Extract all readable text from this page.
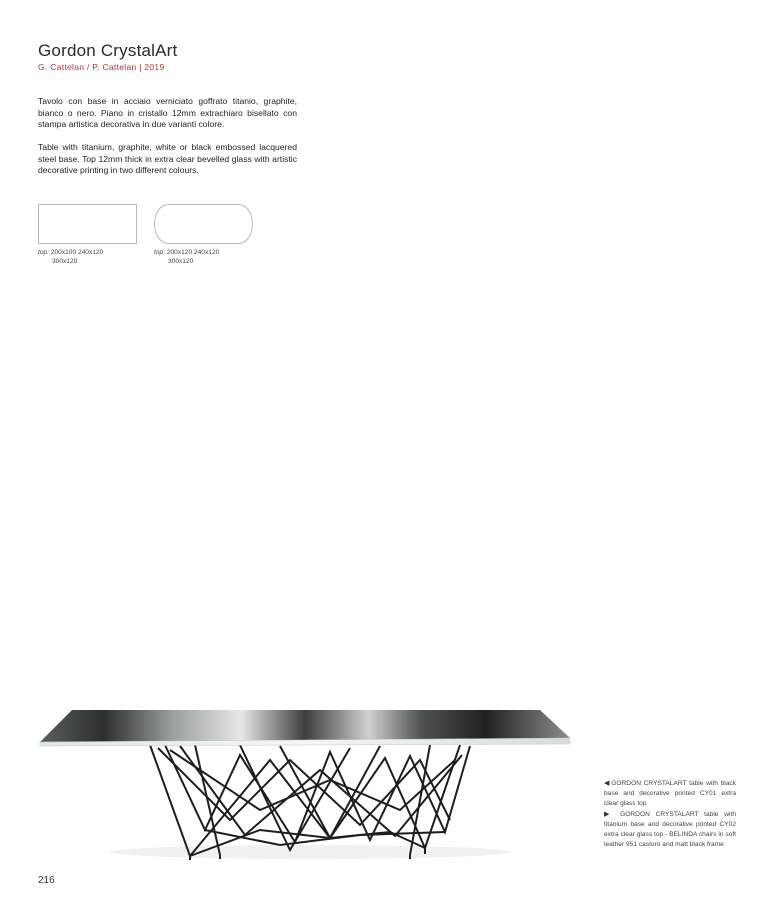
Gordon CrystalArt
G. Cattelan / P. Cattelan | 2019
Tavolo con base in acciaio verniciato goffrato titanio, graphite, bianco o nero. Piano in cristallo 12mm extrachiaro bisellato con stampa artistica decorativa in due varianti colore.
Table with titanium, graphite, white or black embossed lacquered steel base. Top 12mm thick in extra clear bevelled glass with artistic decorative printing in two different colours.
top: 200x100 240x120
300x120
top: 200x120 240x120
300x120

◀GORDON CRYSTALART table with black base and decorative printed CY01 extra clear glass top

▶ GORDON CRYSTALART table with titanium base and decorative printed CY02 extra clear glass top - BELINDA chairs in soft leather 951 castoro and matt black frame

216
